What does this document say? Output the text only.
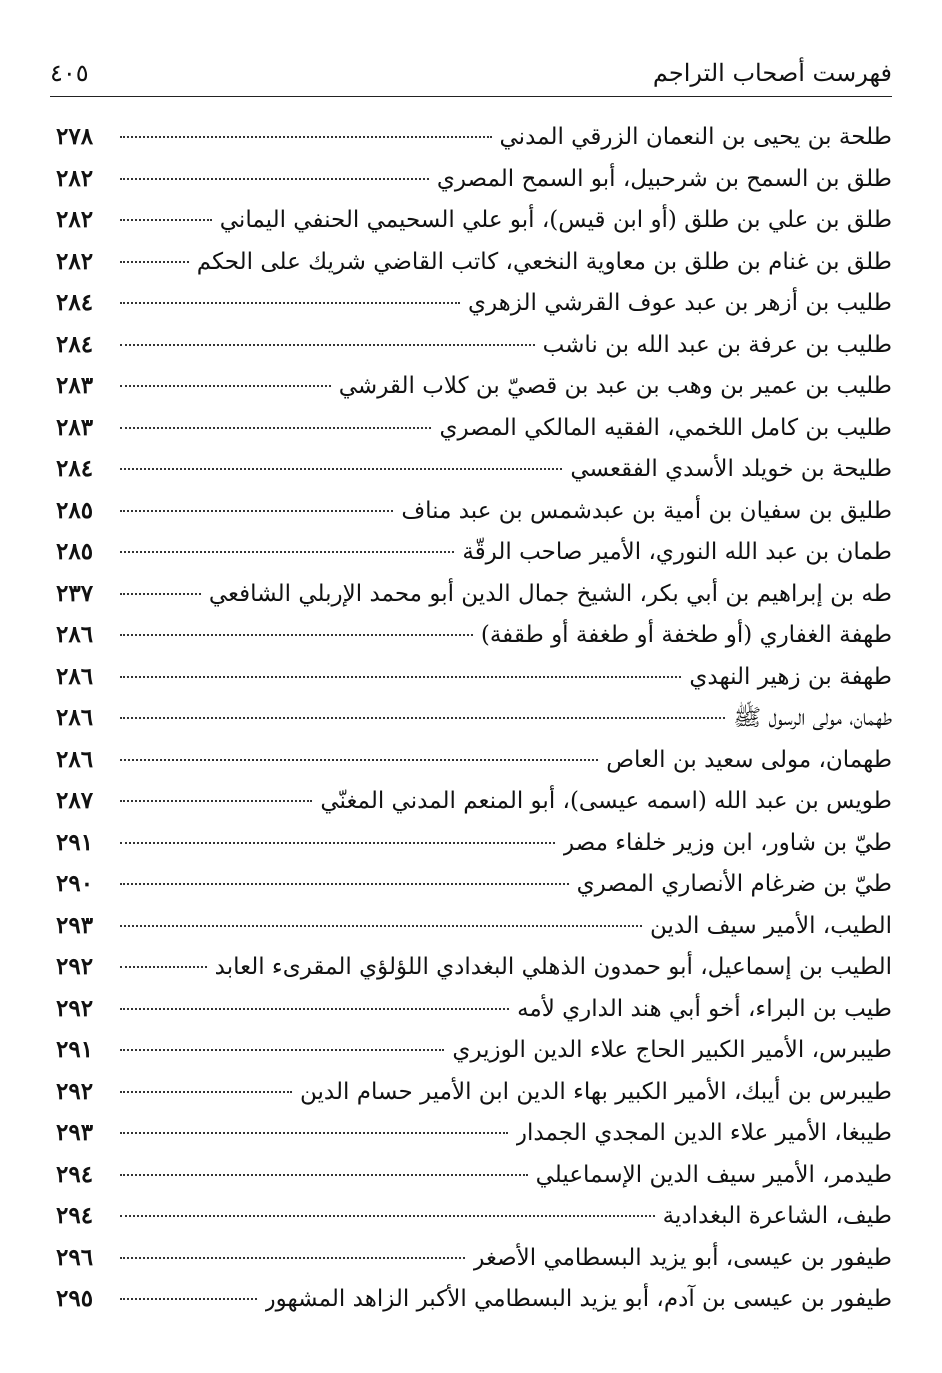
فهرست أصحاب التراجم
٤٠٥
طلحة بن يحيى بن النعمان الزرقي المدني
٢٧٨
طلق بن السمح بن شرحبيل، أبو السمح المصري
٢٨٢
طلق بن علي بن طلق (أو ابن قيس)، أبو علي السحيمي الحنفي اليماني
٢٨٢
طلق بن غنام بن طلق بن معاوية النخعي، كاتب القاضي شريك على الحكم
٢٨٢
طليب بن أزهر بن عبد عوف القرشي الزهري
٢٨٤
طليب بن عرفة بن عبد الله بن ناشب
٢٨٤
طليب بن عمير بن وهب بن عبد بن قصيّ بن كلاب القرشي
٢٨٣
طليب بن كامل اللخمي، الفقيه المالكي المصري
٢٨٣
طليحة بن خويلد الأسدي الفقعسي
٢٨٤
طليق بن سفيان بن أمية بن عبدشمس بن عبد مناف
٢٨٥
طمان بن عبد الله النوري، الأمير صاحب الرقّة
٢٨٥
طه بن إبراهيم بن أبي بكر، الشيخ جمال الدين أبو محمد الإربلي الشافعي
٢٣٧
طهفة الغفاري (أو طخفة أو طغفة أو طقفة)
٢٨٦
طهفة بن زهير النهدي
٢٨٦
طهمان، مولى الرسول ﷺ
٢٨٦
طهمان، مولى سعيد بن العاص
٢٨٦
طويس بن عبد الله (اسمه عيسى)، أبو المنعم المدني المغنّي
٢٨٧
طيّ بن شاور، ابن وزير خلفاء مصر
٢٩١
طيّ بن ضرغام الأنصاري المصري
٢٩٠
الطيب، الأمير سيف الدين
٢٩٣
الطيب بن إسماعيل، أبو حمدون الذهلي البغدادي اللؤلؤي المقرىء العابد
٢٩٢
طيب بن البراء، أخو أبي هند الداري لأمه
٢٩٢
طيبرس، الأمير الكبير الحاج علاء الدين الوزيري
٢٩١
طيبرس بن أيبك، الأمير الكبير بهاء الدين ابن الأمير حسام الدين
٢٩٢
طيبغا، الأمير علاء الدين المجدي الجمدار
٢٩٣
طيدمر، الأمير سيف الدين الإسماعيلي
٢٩٤
طيف، الشاعرة البغدادية
٢٩٤
طيفور بن عيسى، أبو يزيد البسطامي الأصغر
٢٩٦
طيفور بن عيسى بن آدم، أبو يزيد البسطامي الأكبر الزاهد المشهور
٢٩٥
